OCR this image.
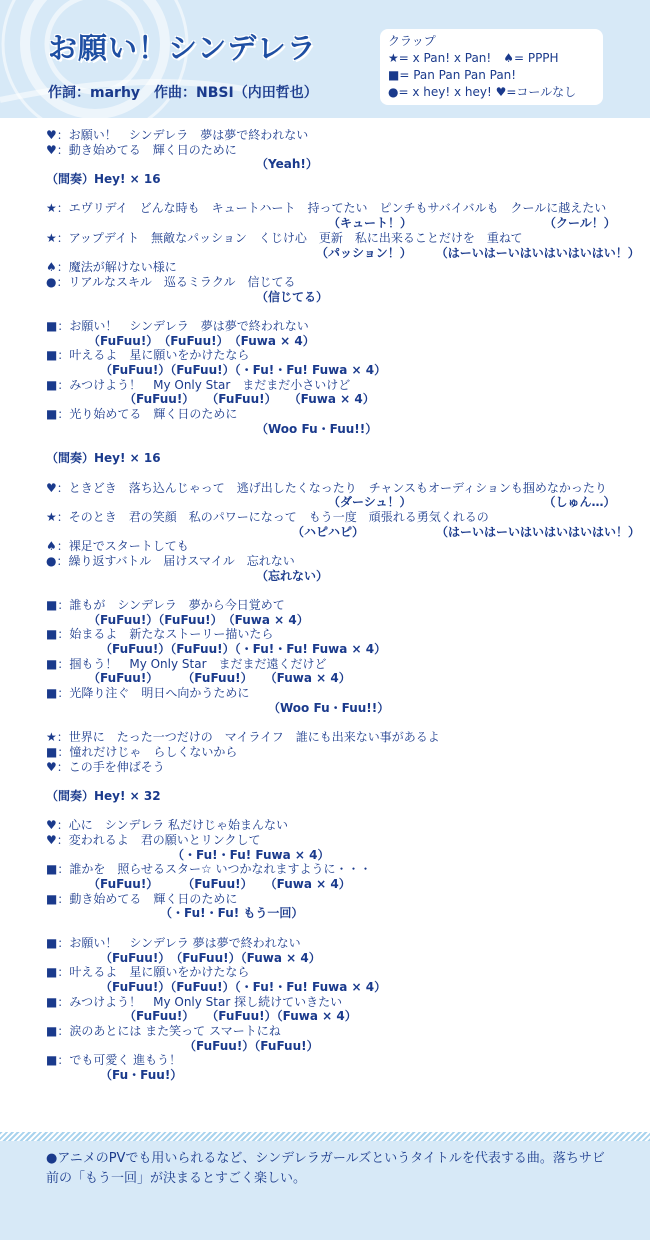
お願い！シンデレラ
作詞：marhy　作曲：NBSI（内田哲也）
クラップ
★= x Pan! x Pan!　♠= PPPH
■= Pan Pan Pan Pan!
●= x hey! x hey! ♥=コールなし
♥：お願い！　シンデレラ　夢は夢で終われない
♥：動き始めてる　輝く日のために
　　　　　　　　　　　　　　　　　　（Yeah!）
（間奏）Hey! × 16
★：エヴリデイ　どんな時も　キュートハート　持ってたい　ピンチもサバイバルも　クールに越えたい
　　　　　　　　　　　　　　　　　　　　　　　　（キュート！）　　　　　　　　　　　　（クール！）
★：アップデイト　無敵なパッション　くじけ心　更新　私に出来ることだけを　重ねて
　　　　　　　　　　　　　　　　　　　　　　　（パッション！）　　　（はーいはーいはいはいはいはい！）
♠：魔法が解けない様に
●：リアルなスキル　巡るミラクル　信じてる
　　　　　　　　　　　　　　　　　　（信じてる）
■：お願い！　シンデレラ　夢は夢で終われない
　　　　（FuFuu!）　（FuFuu!）　（Fuwa × 4）
■：叶えるよ　星に願いをかけたなら
　　　　　（FuFuu!）（FuFuu!）（・Fu!・Fu! Fuwa × 4）
■：みつけよう！　My Only Star　まだまだ小さいけど
　　　　　　　（FuFuu!）　　（FuFuu!）　　（Fuwa × 4）
■：光り始めてる　輝く日のために
　　　　　　　　　　　　　　　　　　（Woo Fu・Fuu!!）
（間奏）Hey! × 16
♥：ときどき　落ち込んじゃって　逃げ出したくなったり　チャンスもオーディションも掴めなかったり
　　　　　　　　　　　　　　　　　　　　　　　　（ダーシュ！）　　　　　　　　　　　　（しゅん…）
★：そのとき　君の笑顔　私のパワーになって　もう一度　頑張れる勇気くれるの
　　　　　　　　　　　　　　　　　　　　　（ハピハピ）　　　　　　　（はーいはーいはいはいはいはい！）
♠：裸足でスタートしても
●：繰り返すバトル　届けスマイル　忘れない
　　　　　　　　　　　　　　　　　　（忘れない）
■：誰もが　シンデレラ　夢から今日覚めて
　　　　（FuFuu!）（FuFuu!）　（Fuwa × 4）
■：始まるよ　新たなストーリー描いたら
　　　　　（FuFuu!）（FuFuu!）（・Fu!・Fu! Fuwa × 4）
■：掴もう！　My Only Star　まだまだ遠くだけど
　　　　（FuFuu!）　　　（FuFuu!）　　（Fuwa × 4）
■：光降り注ぐ　明日へ向かうために
　　　　　　　　　　　　　　　　　　　（Woo Fu・Fuu!!）
★：世界に　たった一つだけの　マイライフ　誰にも出来ない事があるよ
■：憧れだけじゃ　らしくないから
♥：この手を伸ばそう
（間奏）Hey! × 32
♥：心に　シンデレラ 私だけじゃ始まんない
♥：変われるよ　君の願いとリンクして
　　　　　　　　　　　（・Fu!・Fu! Fuwa × 4）
■：誰かを　照らせるスター☆ いつかなれますように・・・
　　　　（FuFuu!）　　　（FuFuu!）　　（Fuwa × 4）
■：動き始めてる　輝く日のために
　　　　　　　　　　（・Fu!・Fu! もう一回）
■：お願い！　シンデレラ 夢は夢で終われない
　　　　　（FuFuu!）　（FuFuu!）（Fuwa × 4）
■：叶えるよ　星に願いをかけたなら
　　　　　（FuFuu!）（FuFuu!）（・Fu!・Fu! Fuwa × 4）
■：みつけよう！　My Only Star 探し続けていきたい
　　　　　　　（FuFuu!）　　（FuFuu!）（Fuwa × 4）
■：涙のあとには また笑って スマートにね
　　　　　　　　　　　　（FuFuu!）（FuFuu!）
■：でも可愛く 進もう！
　　　　　（Fu・Fuu!）
●アニメのPVでも用いられるなど、シンデレラガールズというタイトルを代表する曲。落ちサビ前の「もう一回」が決まるとすごく楽しい。
